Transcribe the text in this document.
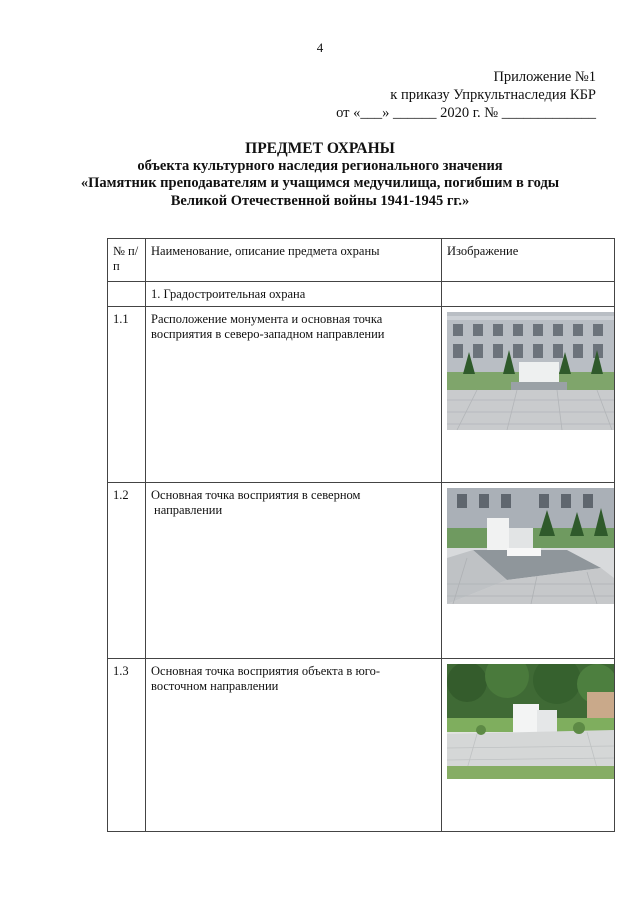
4
Приложение №1
к приказу Упркультнаследия КБР
от «___» ______ 2020 г. № _____________
ПРЕДМЕТ ОХРАНЫ
объекта культурного наследия регионального значения
«Памятник преподавателям и учащимся медучилища, погибшим в годы
Великой Отечественной войны 1941-1945 гг.»
№ п/п	Наименование, описание предмета охраны	Изображение
	1. Градостроительная охрана	
1.1	Расположение монумента и основная точка
восприятия в северо-западном направлении

1.2	Основная точка восприятия в северном
направлении

1.3	Основная точка восприятия объекта в юго-
восточном направлении
